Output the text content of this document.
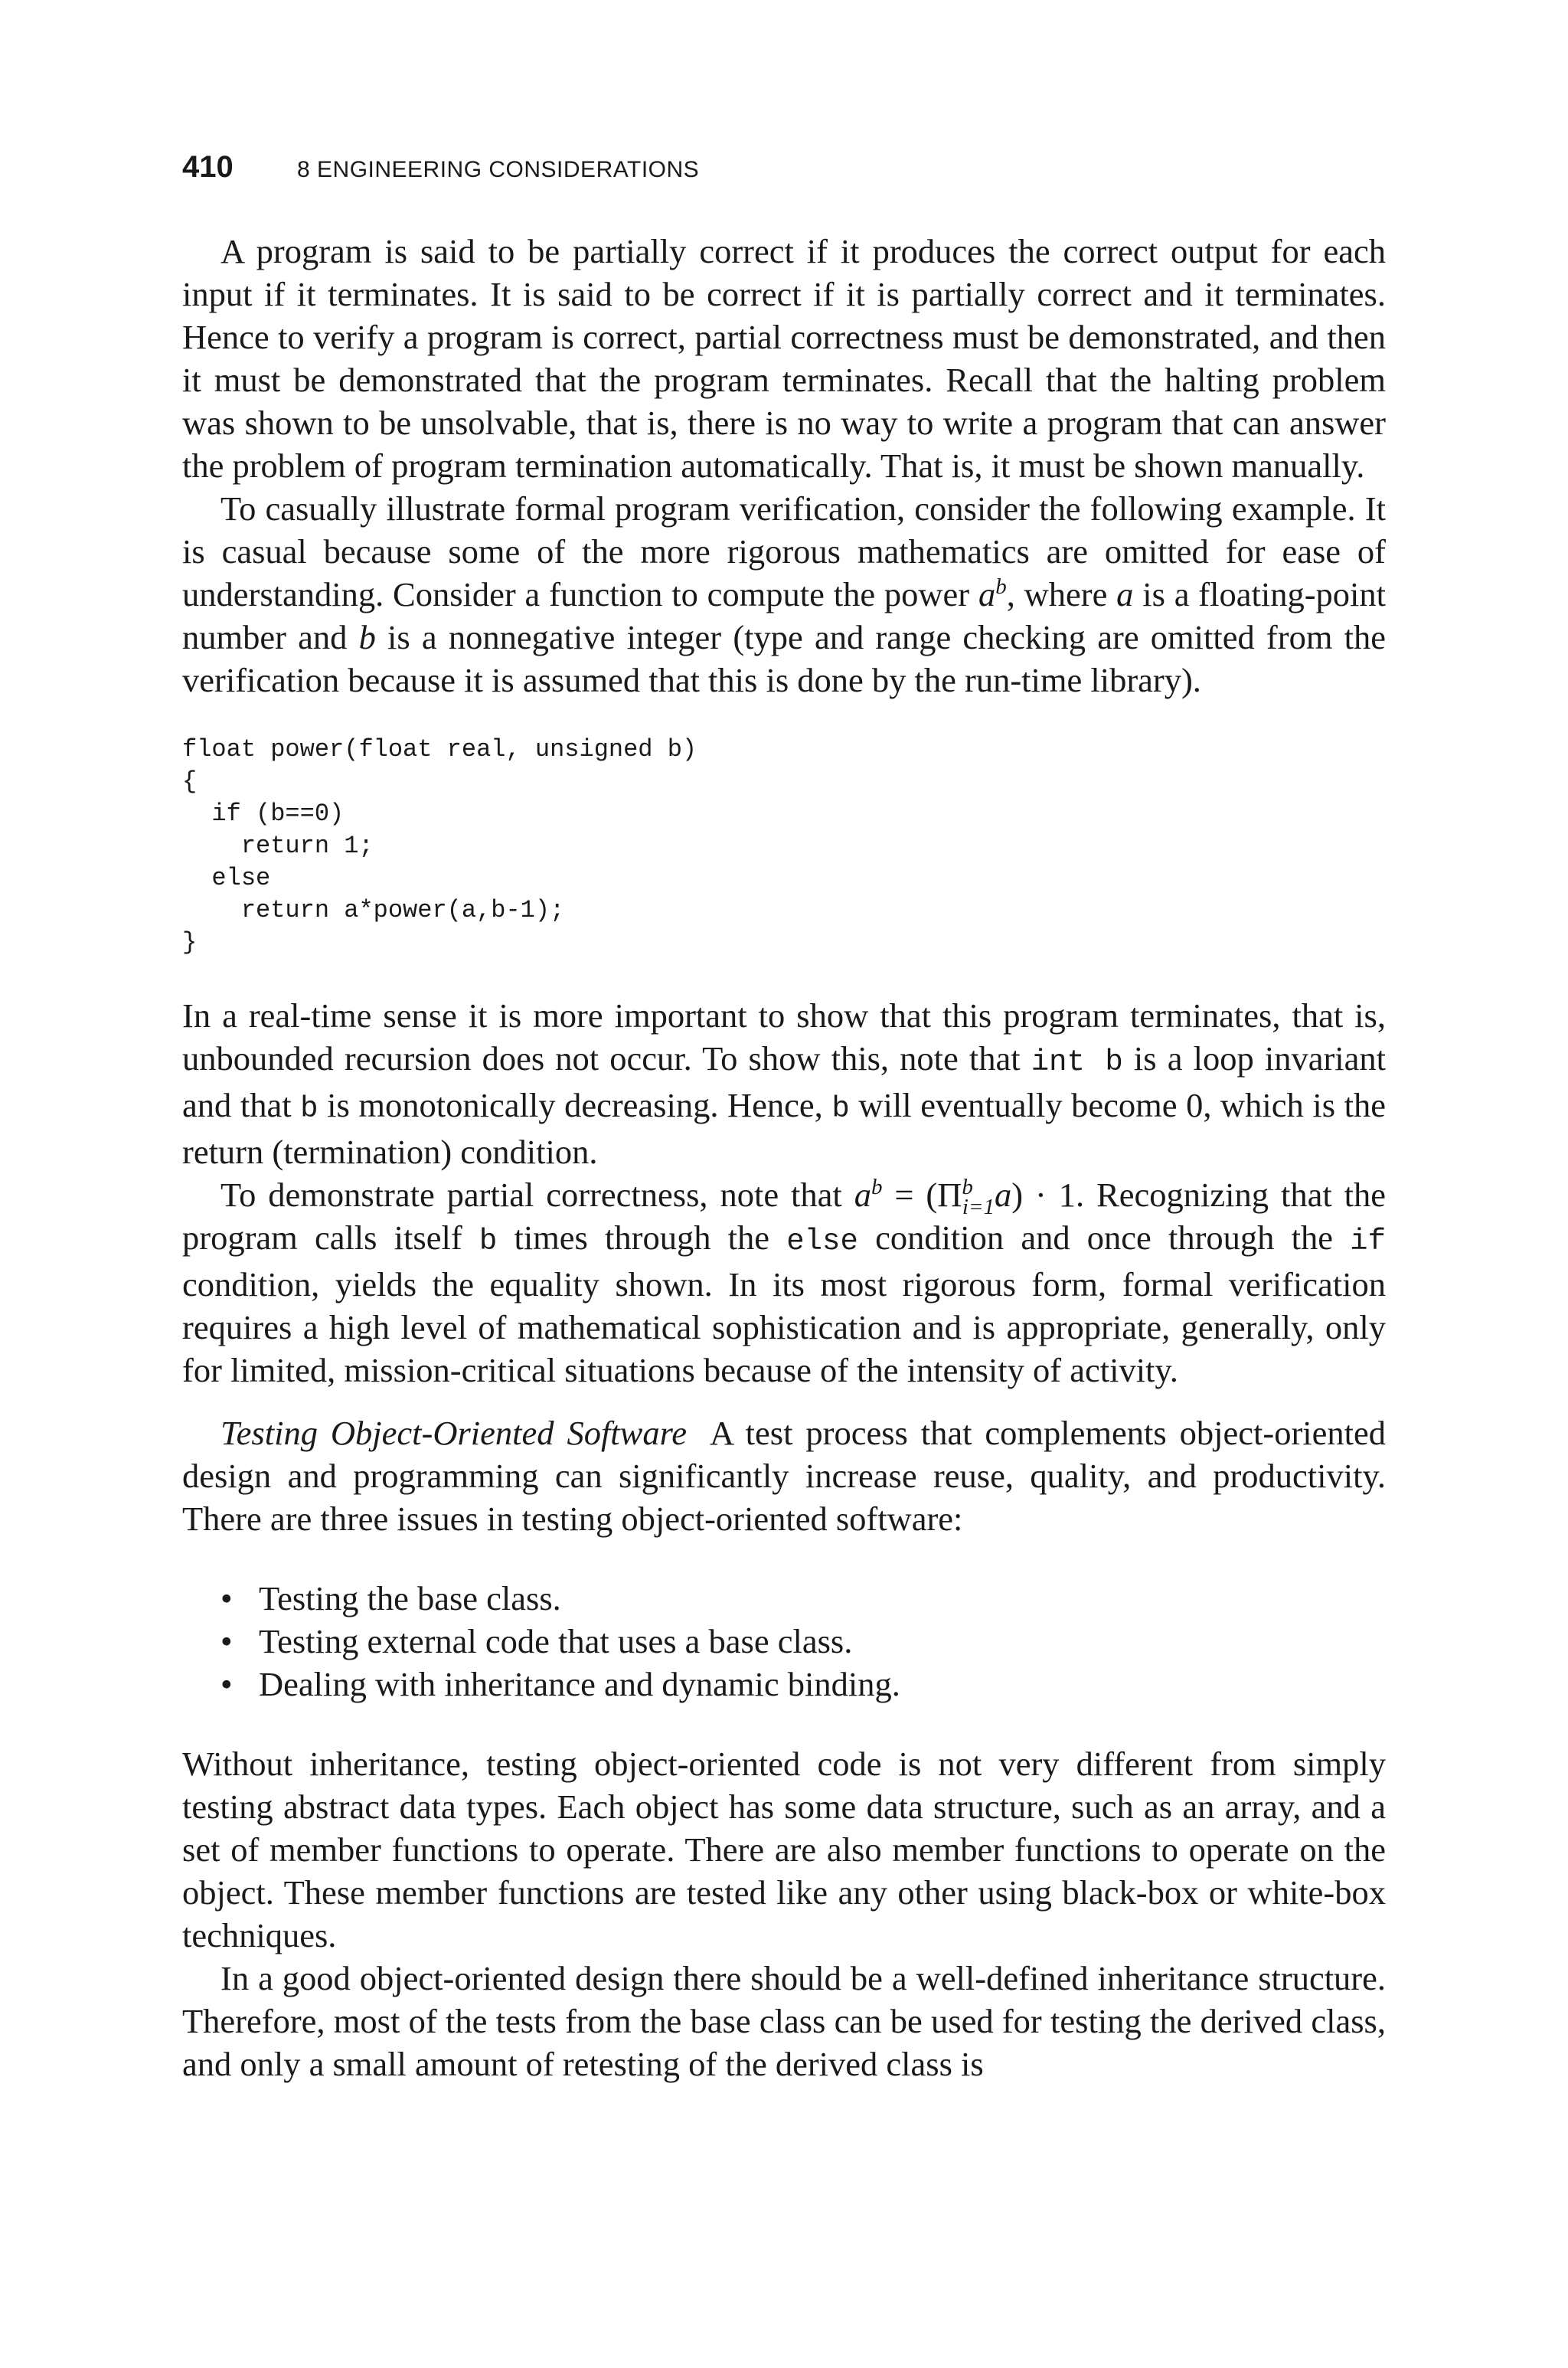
410	8 ENGINEERING CONSIDERATIONS

A program is said to be partially correct if it produces the correct output for each input if it terminates. It is said to be correct if it is partially correct and it terminates. Hence to verify a program is correct, partial correctness must be demonstrated, and then it must be demonstrated that the program terminates. Recall that the halting problem was shown to be unsolvable, that is, there is no way to write a program that can answer the problem of program termination automatically. That is, it must be shown manually.

To casually illustrate formal program verification, consider the following example. It is casual because some of the more rigorous mathematics are omitted for ease of understanding. Consider a function to compute the power $a^b$, where a is a floating-point number and b is a nonnegative integer (type and range checking are omitted from the verification because it is assumed that this is done by the run-time library).

float power(float real, unsigned b)
{
if (b==0)
return 1;
else
return a*power(a,b-1);
}

In a real-time sense it is more important to show that this program terminates, that is, unbounded recursion does not occur. To show this, note that int b is a loop invariant and that b is monotonically decreasing. Hence, b will eventually become 0, which is the return (termination) condition.

To demonstrate partial correctness, note that $a^b = (\Pi^b_{i=1}a) \cdot 1$. Recognizing that the program calls itself b times through the else condition and once through the if condition, yields the equality shown. In its most rigorous form, formal verification requires a high level of mathematical sophistication and is appropriate, generally, only for limited, mission-critical situations because of the intensity of activity.

Testing Object-Oriented Software A test process that complements object-oriented design and programming can significantly increase reuse, quality, and productivity. There are three issues in testing object-oriented software:

• Testing the base class.
• Testing external code that uses a base class.
• Dealing with inheritance and dynamic binding.

Without inheritance, testing object-oriented code is not very different from simply testing abstract data types. Each object has some data structure, such as an array, and a set of member functions to operate. There are also member functions to operate on the object. These member functions are tested like any other using black-box or white-box techniques.

In a good object-oriented design there should be a well-defined inheritance structure. Therefore, most of the tests from the base class can be used for testing the derived class, and only a small amount of retesting of the derived class is
